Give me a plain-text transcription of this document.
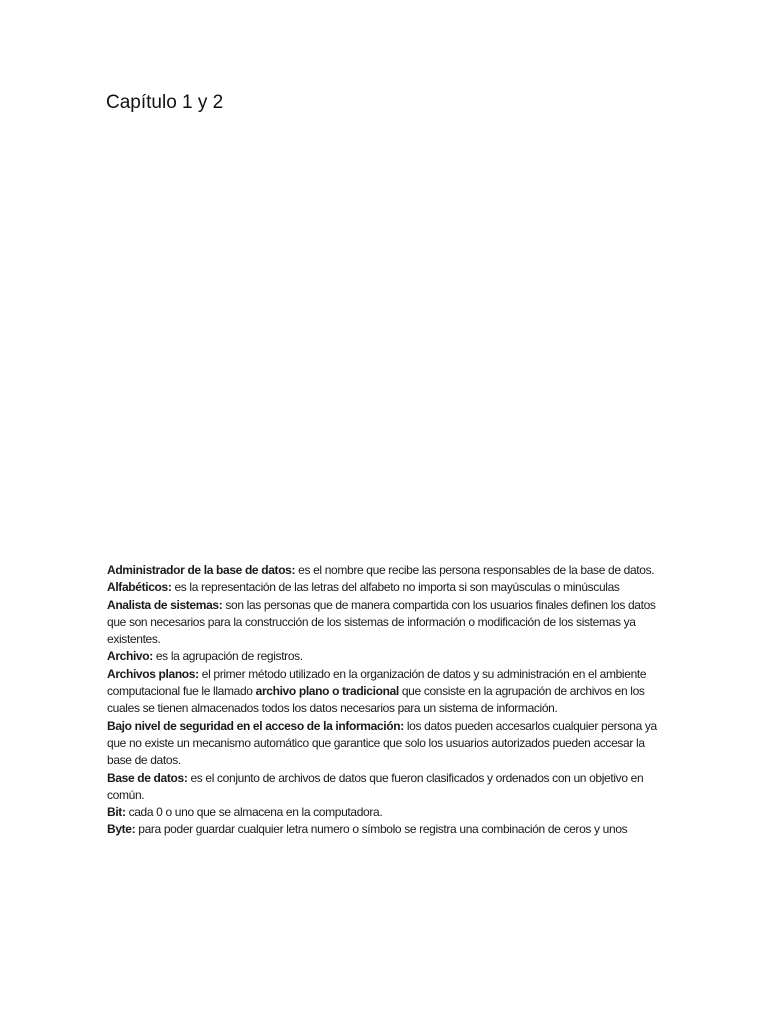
Capítulo 1 y 2

Administrador de la base de datos: es el nombre que recibe las persona responsables de la base de datos.

Alfabéticos: es la representación de las letras del alfabeto no importa si son mayúsculas o minúsculas

Analista de sistemas: son las personas que de manera compartida con los usuarios finales definen los datos que son necesarios para la construcción de los sistemas de información o modificación de los sistemas ya existentes.

Archivo: es la agrupación de registros.

Archivos planos: el primer método utilizado en la organización de datos y su administración en el ambiente computacional fue le llamado archivo plano o tradicional que consiste en la agrupación de archivos en los cuales se tienen almacenados todos los datos necesarios para un sistema de información.

Bajo nivel de seguridad en el acceso de la información: los datos pueden accesarlos cualquier persona ya que no existe un mecanismo automático que garantice que solo los usuarios autorizados pueden accesar la base de datos.

Base de datos: es el conjunto de archivos de datos que fueron clasificados y ordenados con un objetivo en común.

Bit: cada 0 o uno que se almacena en la computadora.

Byte: para poder guardar cualquier letra numero o símbolo se registra una combinación de ceros y unos
